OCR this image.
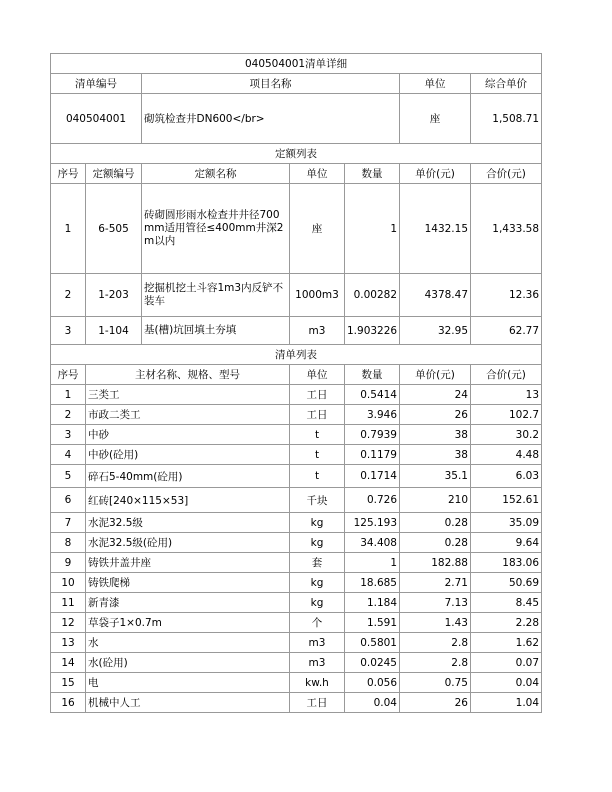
040504001清单详细						
清单编号		项目名称			单位	综合单价
040504001		砌筑检查井DN600</br>			座	1,508.71
定额列表						
序号	定额编号	定额名称	单位	数量	单价(元)	合价(元)
1	6-505	砖砌圆形雨水检查井井径700mm适用管径≤400mm井深2m以内	座	1	1432.15	1,433.58
2	1-203	挖掘机挖土斗容1m3内反铲不装车	1000m3	0.00282	4378.47	12.36
3	1-104	基(槽)坑回填土夯填	m3	1.903226	32.95	62.77
清单列表						
序号	主材名称、规格、型号		单位	数量	单价(元)	合价(元)
1	三类工		工日	0.5414	24	13
2	市政二类工		工日	3.946	26	102.7
3	中砂		t	0.7939	38	30.2
4	中砂(砼用)		t	0.1179	38	4.48
5	碎石5-40mm(砼用)		t	0.1714	35.1	6.03
6	红砖[240×115×53]		千块	0.726	210	152.61
7	水泥32.5级		kg	125.193	0.28	35.09
8	水泥32.5级(砼用)		kg	34.408	0.28	9.64
9	铸铁井盖井座		套	1	182.88	183.06
10	铸铁爬梯		kg	18.685	2.71	50.69
11	新青漆		kg	1.184	7.13	8.45
12	草袋子1×0.7m		个	1.591	1.43	2.28
13	水		m3	0.5801	2.8	1.62
14	水(砼用)		m3	0.0245	2.8	0.07
15	电		kw.h	0.056	0.75	0.04
16	机械中人工		工日	0.04	26	1.04
